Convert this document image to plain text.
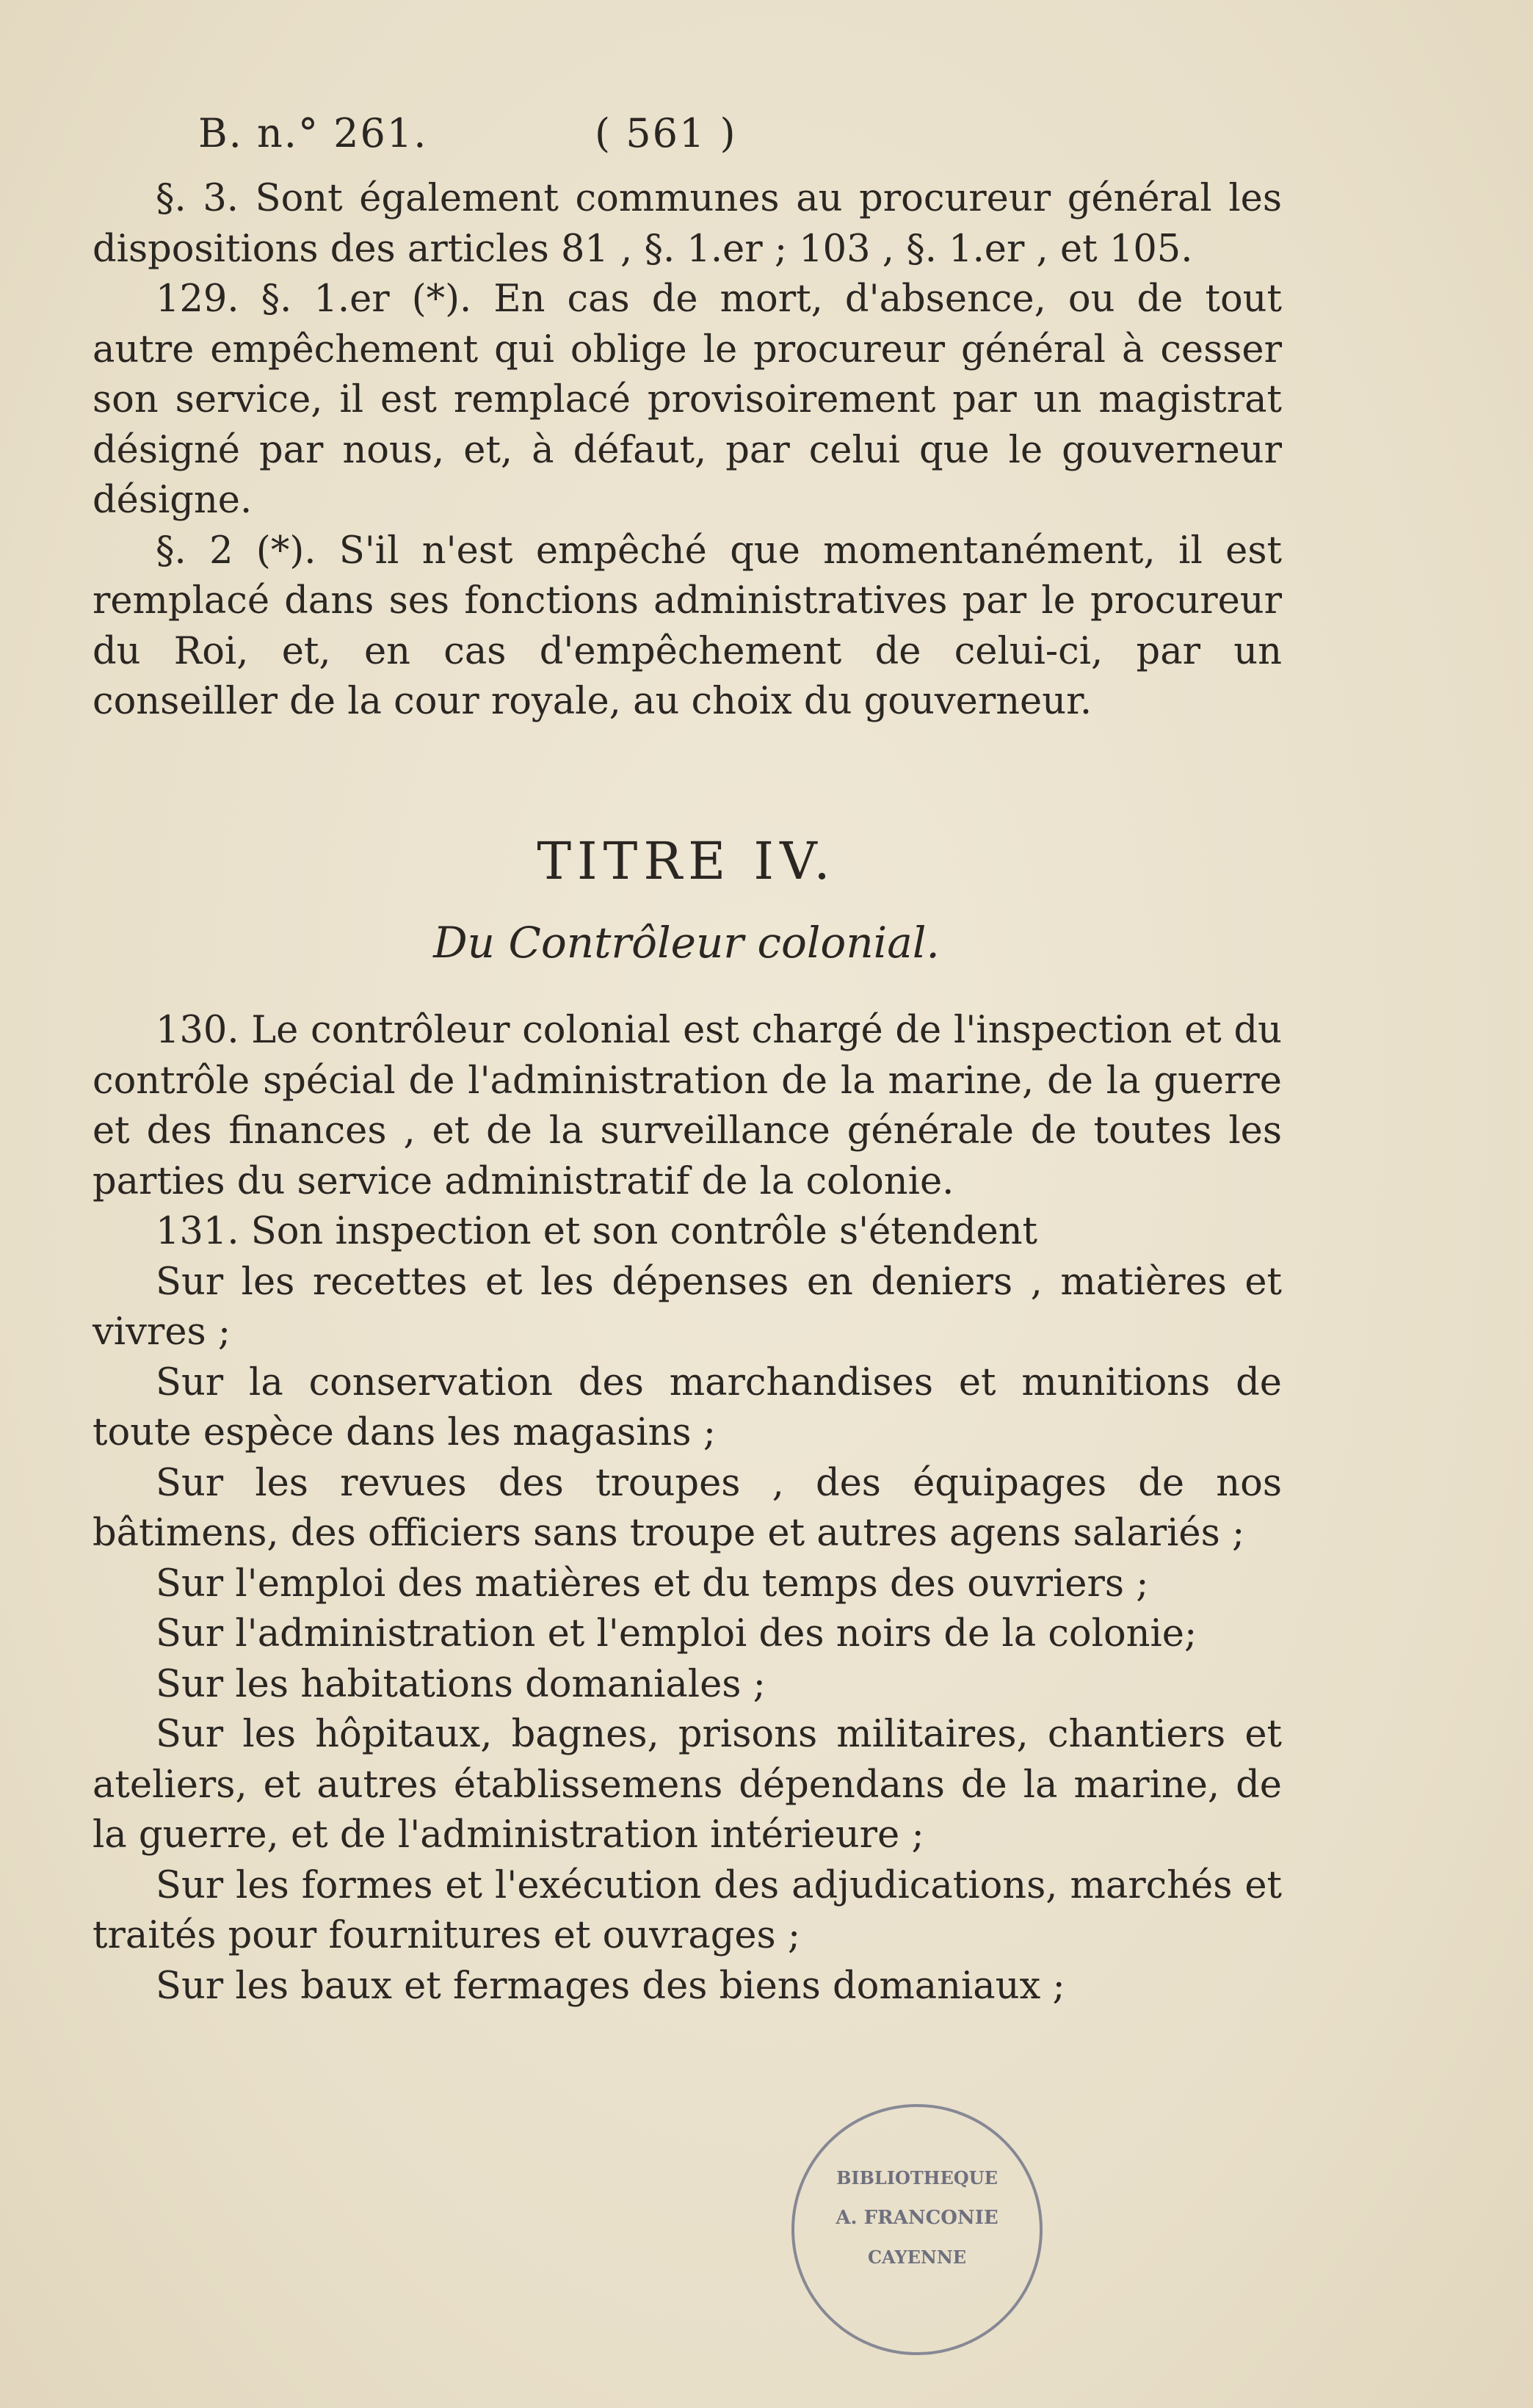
B. n.° 261.	( 561 )

§. 3. Sont également communes au procureur général les dispositions des articles 81 , §. 1.er ; 103 , §. 1.er , et 105.

129. §. 1.er (*). En cas de mort, d'absence, ou de tout autre empêchement qui oblige le procureur général à cesser son service, il est remplacé provisoirement par un magistrat désigné par nous, et, à défaut, par celui que le gouverneur désigne.

§. 2 (*). S'il n'est empêché que momentanément, il est remplacé dans ses fonctions administratives par le procureur du Roi, et, en cas d'empêchement de celui-ci, par un conseiller de la cour royale, au choix du gouverneur.

TITRE IV.
Du Contrôleur colonial.

130. Le contrôleur colonial est chargé de l'inspection et du contrôle spécial de l'administration de la marine, de la guerre et des finances , et de la surveillance générale de toutes les parties du service administratif de la colonie.

131. Son inspection et son contrôle s'étendent

Sur les recettes et les dépenses en deniers , matières et vivres ;

Sur la conservation des marchandises et munitions de toute espèce dans les magasins ;

Sur les revues des troupes , des équipages de nos bâtimens, des officiers sans troupe et autres agens salariés ;

Sur l'emploi des matières et du temps des ouvriers ;

Sur l'administration et l'emploi des noirs de la colonie;

Sur les habitations domaniales ;

Sur les hôpitaux, bagnes, prisons militaires, chantiers et ateliers, et autres établissemens dépendans de la marine, de la guerre, et de l'administration intérieure ;

Sur les formes et l'exécution des adjudications, marchés et traités pour fournitures et ouvrages ;

Sur les baux et fermages des biens domaniaux ;

BIBLIOTHEQUE
A. FRANCONIE
CAYENNE
